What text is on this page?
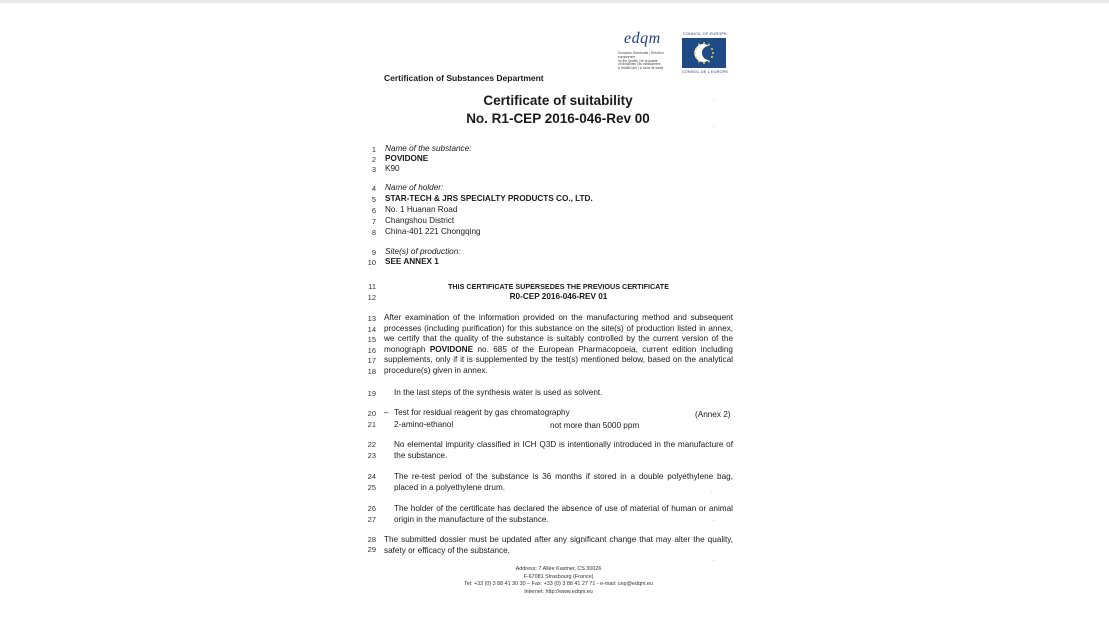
edqm
European Directorate | Direction européenne
for the Quality | de la qualité
of Medicines | du médicament
& HealthCare | & soins de santé
COUNCIL OF EUROPE
CONSEIL DE L'EUROPE
Certification of Substances Department
Certificate of suitability
No. R1-CEP 2016-046-Rev 00
1
2
3
4
5
6
7
8
9
10
11
12
13
14
15
16
17
18
19
20
21
22
23
24
25
26
27
28
29
Name of the substance:
POVIDONE
K90
Name of holder:
STAR-TECH & JRS SPECIALTY PRODUCTS CO., LTD.
No. 1 Huanan Road
Changshou District
China-401 221 Chongqing
Site(s) of production:
SEE ANNEX 1
THIS CERTIFICATE SUPERSEDES THE PREVIOUS CERTIFICATE
R0-CEP 2016-046-REV 01
After examination of the information provided on the manufacturing method and subsequent processes (including purification) for this substance on the site(s) of production listed in annex, we certify that the quality of the substance is suitably controlled by the current version of the monograph POVIDONE no. 685 of the European Pharmacopoeia, current edition including supplements, only if it is supplemented by the test(s) mentioned below, based on the analytical procedure(s) given in annex.
In the last steps of the synthesis water is used as solvent.
– Test for residual reagent by gas chromatography	(Annex 2)
2-amino-ethanol	not more than 5000 ppm
No elemental impurity classified in ICH Q3D is intentionally introduced in the manufacture of the substance.
The re-test period of the substance is 36 months if stored in a double polyethylene bag, placed in a polyethylene drum.
The holder of the certificate has declared the absence of use of material of human or animal origin in the manufacture of the substance.
The submitted dossier must be updated after any significant change that may alter the quality, safety or efficacy of the substance.
Address: 7 Allée Kastner, CS 30026
F-67081 Strasbourg (France)
Tel: +33 (0) 3 88 41 30 30 – Fax: +33 (0) 3 88 41 27 71 - e-mail: cep@edqm.eu
Internet: http://www.edqm.eu
